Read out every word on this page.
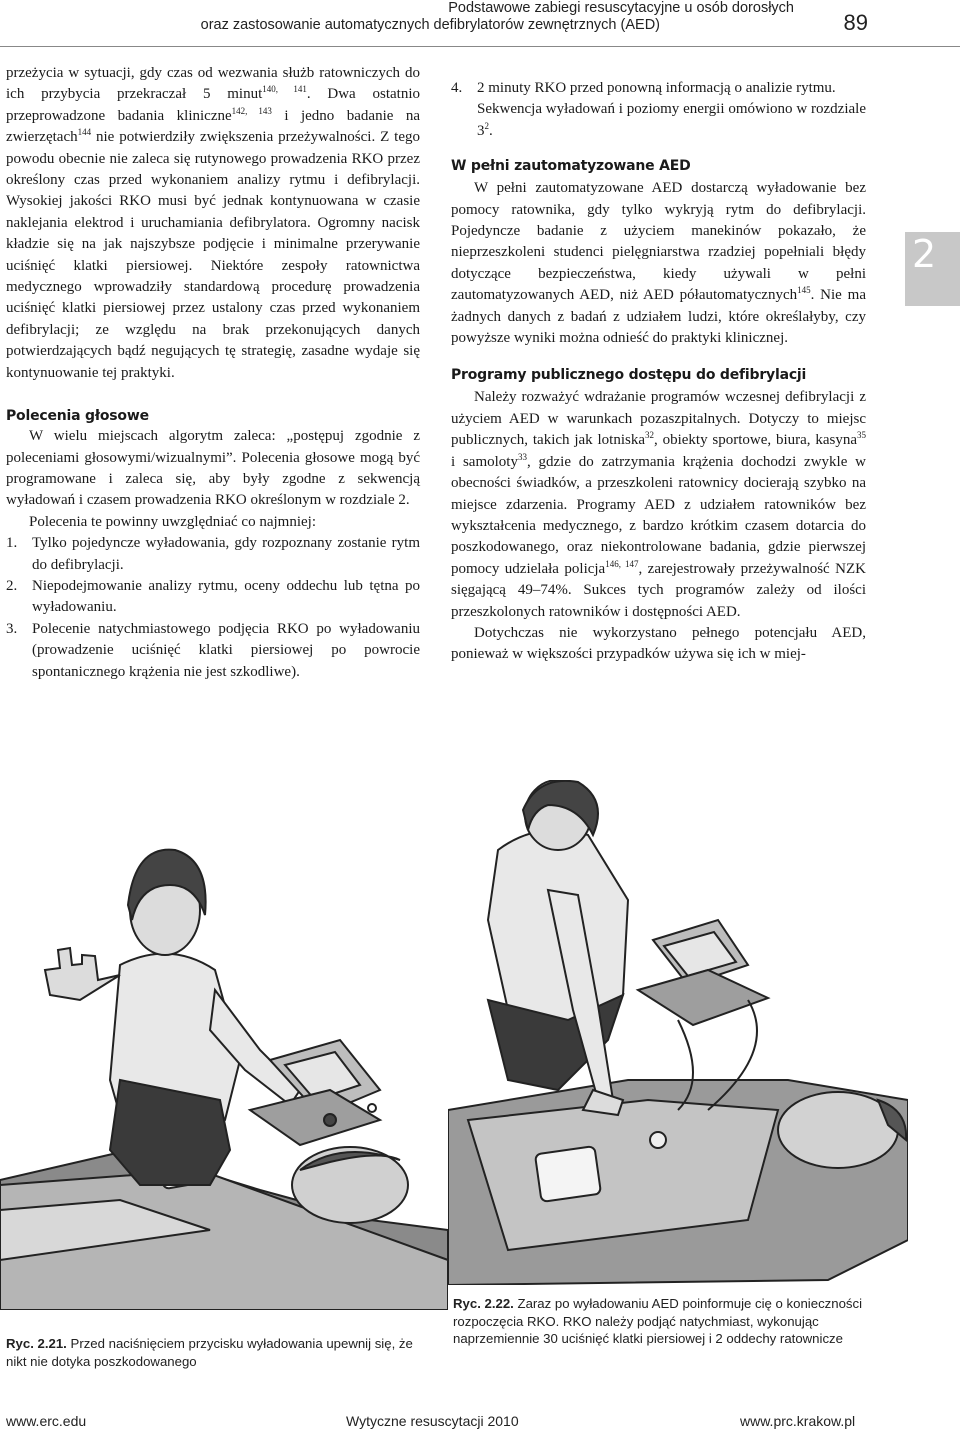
Podstawowe zabiegi resuscytacyjne u osób dorosłych
oraz zastosowanie automatycznych defibrylatorów zewnętrznych (AED)	89
2

przeżycia w sytuacji, gdy czas od wezwania służb ratowniczych do ich przybycia przekraczał 5 minut$^{140, 141}$. Dwa ostatnio przeprowadzone badania kliniczne$^{142, 143}$ i jedno badanie na zwierzętach$^{144}$ nie potwierdziły zwiększenia przeżywalności. Z tego powodu obecnie nie zaleca się rutynowego prowadzenia RKO przez określony czas przed wykonaniem analizy rytmu i defibrylacji. Wysokiej jakości RKO musi być jednak kontynuowana w czasie naklejania elektrod i uruchamiania defibrylatora. Ogromny nacisk kładzie się na jak najszybsze podjęcie i minimalne przerywanie uciśnięć klatki piersiowej. Niektóre zespoły ratownictwa medycznego wprowadziły standardową procedurę prowadzenia uciśnięć klatki piersiowej przez ustalony czas przed wykonaniem defibrylacji; ze względu na brak przekonujących danych potwierdzających bądź negujących tę strategię, zasadne wydaje się kontynuowanie tej praktyki.

Polecenia głosowe

W wielu miejscach algorytm zaleca: „postępuj zgodnie z poleceniami głosowymi/wizualnymi”. Polecenia głosowe mogą być programowane i zaleca się, aby były zgodne z sekwencją wyładowań i czasem prowadzenia RKO określonym w rozdziale 2.

Polecenia te powinny uwzględniać co najmniej:

1. Tylko pojedyncze wyładowania, gdy rozpoznany zostanie rytm do defibrylacji.
2. Niepodejmowanie analizy rytmu, oceny oddechu lub tętna po wyładowaniu.
3. Polecenie natychmiastowego podjęcia RKO po wyładowaniu (prowadzenie uciśnięć klatki piersiowej po powrocie spontanicznego krążenia nie jest szkodliwe).
4. 2 minuty RKO przed ponowną informacją o analizie rytmu.

Sekwencja wyładowań i poziomy energii omówiono w rozdziale $3^2$.

W pełni zautomatyzowane AED

W pełni zautomatyzowane AED dostarczą wyładowanie bez pomocy ratownika, gdy tylko wykryją rytm do defibrylacji. Pojedyncze badanie z użyciem manekinów pokazało, że nieprzeszkoleni studenci pielęgniarstwa rzadziej popełniali błędy dotyczące bezpieczeństwa, kiedy używali w pełni zautomatyzowanych AED, niż AED półautomatycznych$^{145}$. Nie ma żadnych danych z badań z udziałem ludzi, które określałyby, czy powyższe wyniki można odnieść do praktyki klinicznej.

Programy publicznego dostępu do defibrylacji

Należy rozważyć wdrażanie programów wczesnej defibrylacji z użyciem AED w warunkach pozaszpitalnych. Dotyczy to miejsc publicznych, takich jak lotniska$^{32}$, obiekty sportowe, biura, kasyna$^{35}$ i samoloty$^{33}$, gdzie do zatrzymania krążenia dochodzi zwykle w obecności świadków, a przeszkoleni ratownicy docierają szybko na miejsce zdarzenia. Programy AED z udziałem ratowników bez wykształcenia medycznego, z bardzo krótkim czasem dotarcia do poszkodowanego, oraz niekontrolowane badania, gdzie pierwszej pomocy udzielała policja$^{146, 147}$, zarejestrowały przeżywalność NZK sięgającą 49–74%. Sukces tych programów zależy od ilości przeszkolonych ratowników i dostępności AED.

Dotychczas nie wykorzystano pełnego potencjału AED, ponieważ w większości przypadków używa się ich w miej-

Ryc. 2.21. Przed naciśnięciem przycisku wyładowania upewnij się, że nikt nie dotyka poszkodowanego
Ryc. 2.22. Zaraz po wyładowaniu AED poinformuje cię o konieczności rozpoczęcia RKO. RKO należy podjąć natychmiast, wykonując naprzemiennie 30 uciśnięć klatki piersiowej i 2 oddechy ratownicze
www.erc.edu	Wytyczne resuscytacji 2010	www.prc.krakow.pl
